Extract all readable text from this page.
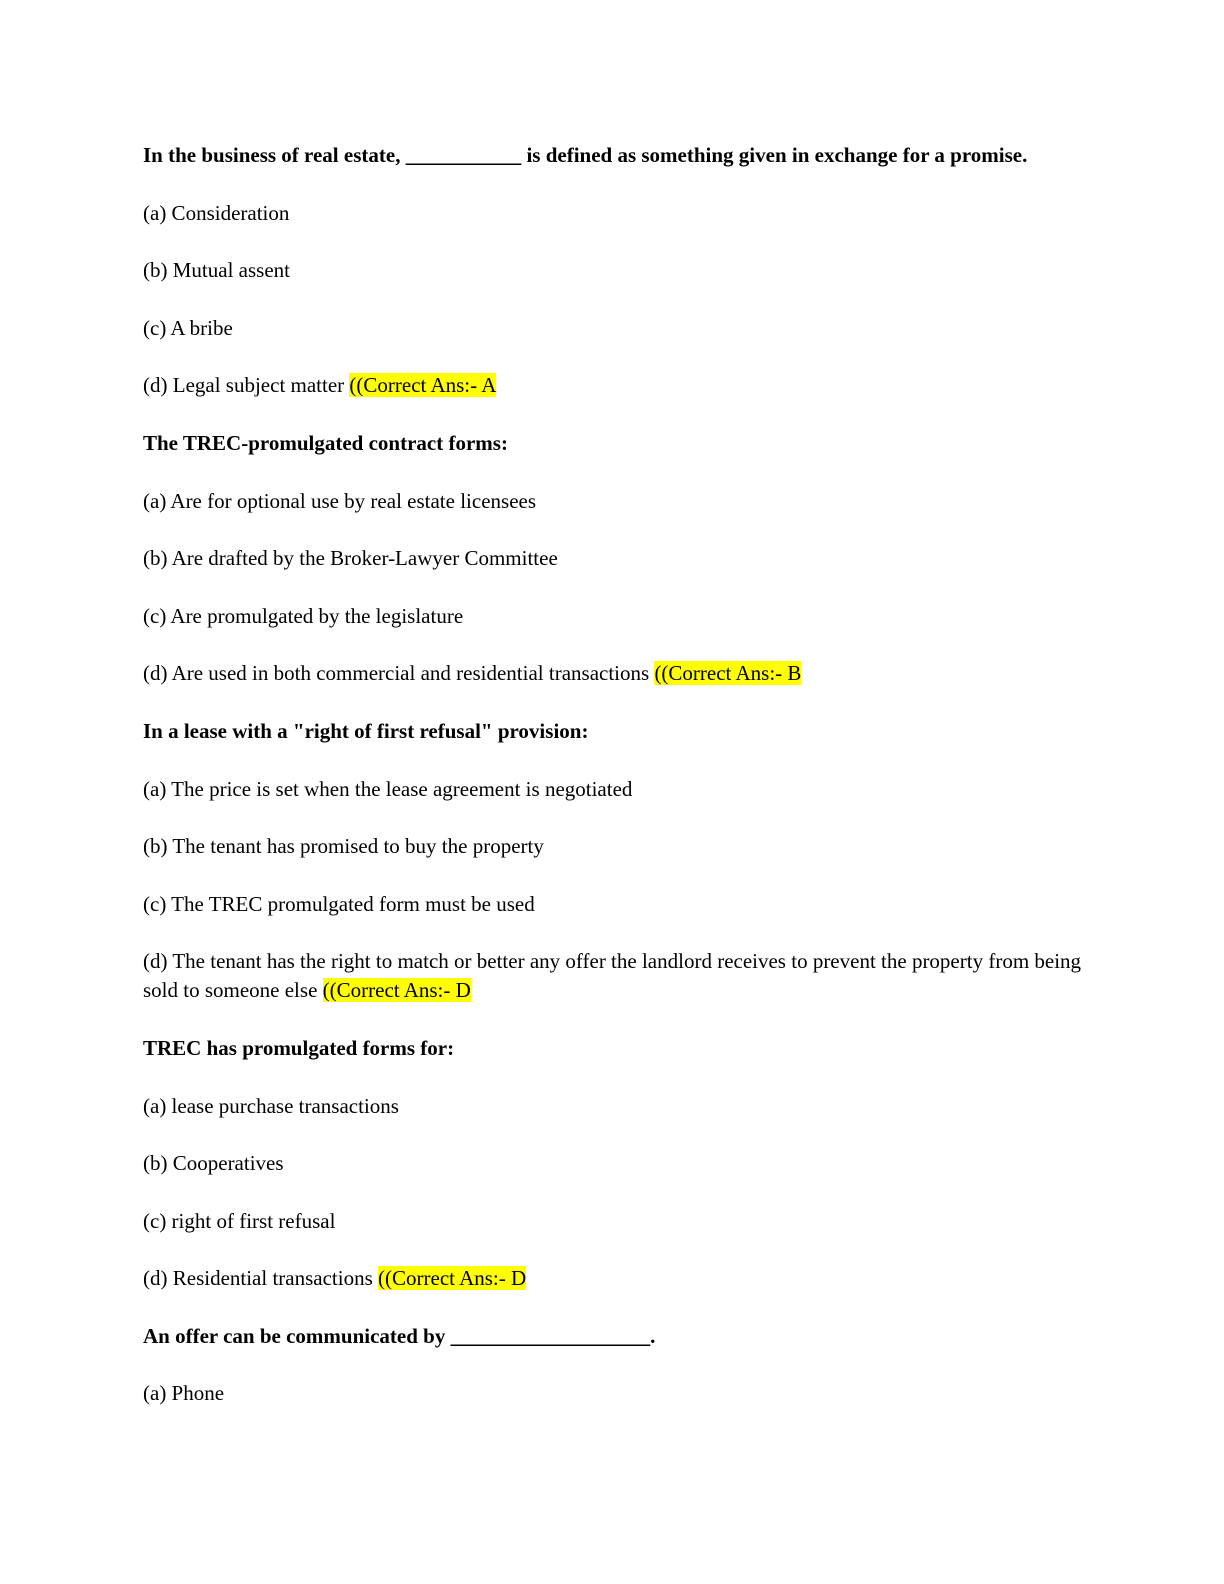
In the business of real estate, ___________ is defined as something given in exchange for a promise.

(a) Consideration

(b) Mutual assent

(c) A bribe

(d) Legal subject matter ((Correct Ans:- A

The TREC-promulgated contract forms:

(a) Are for optional use by real estate licensees

(b) Are drafted by the Broker-Lawyer Committee

(c) Are promulgated by the legislature

(d) Are used in both commercial and residential transactions ((Correct Ans:- B

In a lease with a "right of first refusal" provision:

(a) The price is set when the lease agreement is negotiated

(b) The tenant has promised to buy the property

(c) The TREC promulgated form must be used

(d) The tenant has the right to match or better any offer the landlord receives to prevent the property from being sold to someone else ((Correct Ans:- D

TREC has promulgated forms for:

(a) lease purchase transactions

(b) Cooperatives

(c) right of first refusal

(d) Residential transactions ((Correct Ans:- D

An offer can be communicated by ___________________.

(a) Phone
